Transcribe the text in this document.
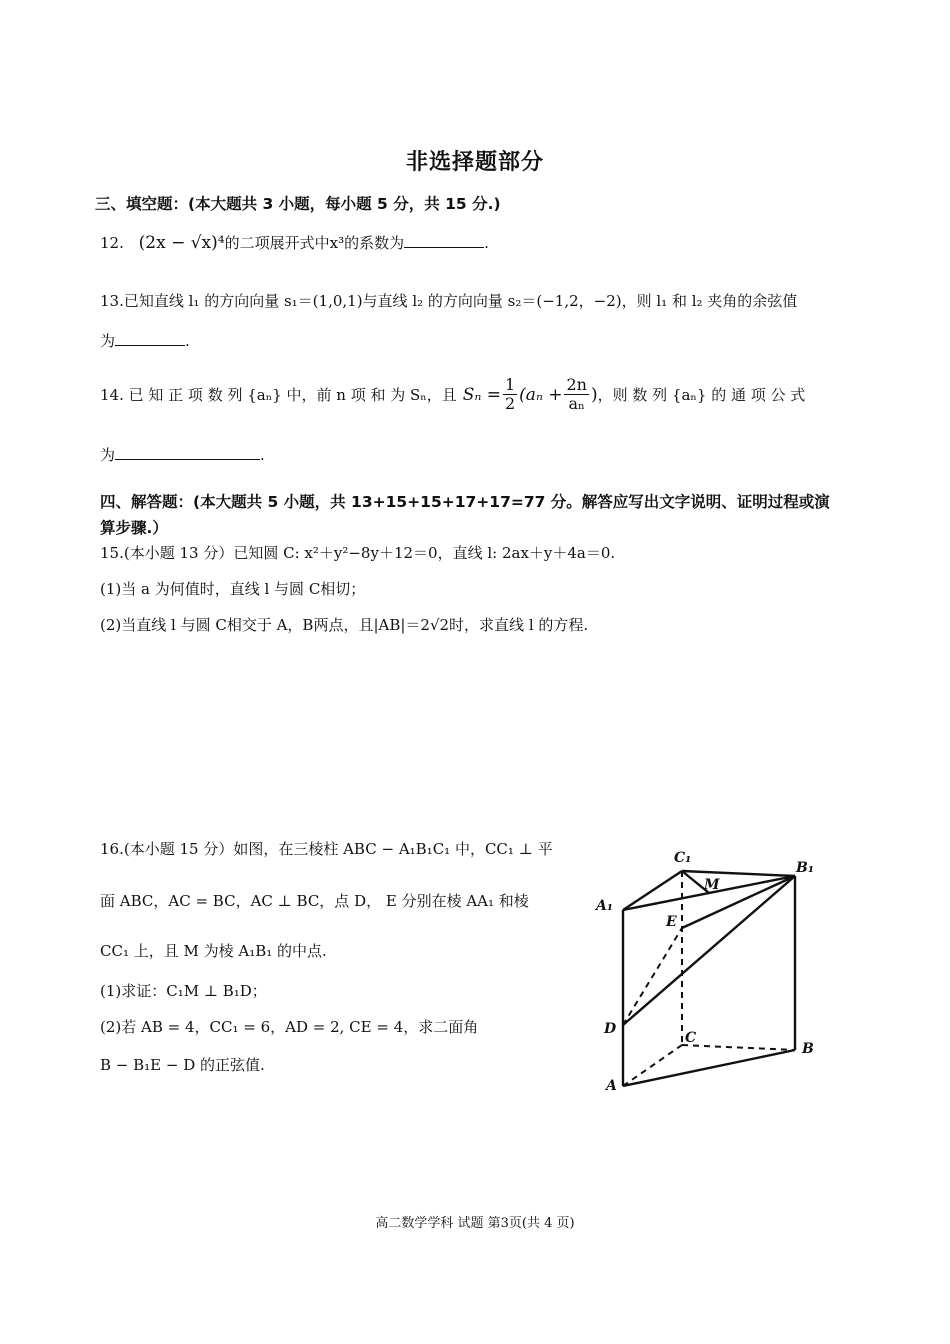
非选择题部分
三、填空题：(本大题共 3 小题，每小题 5 分，共 15 分.)
12. (2x − √x)⁴的二项展开式中x³的系数为	.
13.已知直线 l₁ 的方向向量 s₁＝(1,0,1)与直线 l₂ 的方向向量 s₂＝(−1,2，−2)，则 l₁ 和 l₂ 夹角的余弦值
为	.
14. 已 知 正 项 数 列 {aₙ} 中，前 n 项 和 为 Sₙ，且 $S_n = \frac{1}{2} (a_n + \frac{2n}{\text{aₙ}}$ ) ，则 数 列 {aₙ} 的 通 项 公 式
为	.
四、解答题：(本大题共 5 小题，共 13+15+15+17+17=77 分。解答应写出文字说明、证明过程或演
算步骤.）
15.(本小题 13 分）已知圆 C: x²＋y²−8y＋12＝0，直线 l: 2ax＋y＋4a＝0.
(1)当 a 为何值时，直线 l 与圆 C相切；
(2)当直线 l 与圆 C相交于 A，B两点，且|AB|＝2√2时，求直线 l 的方程.
16.(本小题 15 分）如图，在三棱柱 ABC − A₁B₁C₁ 中，CC₁ ⊥ 平
面 ABC，AC = BC，AC ⊥ BC，点 D， E 分别在棱 AA₁ 和棱
CC₁ 上，且 M 为棱 A₁B₁ 的中点.
(1)求证：C₁M ⊥ B₁D；
(2)若 AB = 4，CC₁ = 6，AD = 2, CE = 4，求二面角
B − B₁E − D 的正弦值.
C₁
B₁
A₁
M
E
D
C
B
A
高二数学学科 试题 第3页(共 4 页)
